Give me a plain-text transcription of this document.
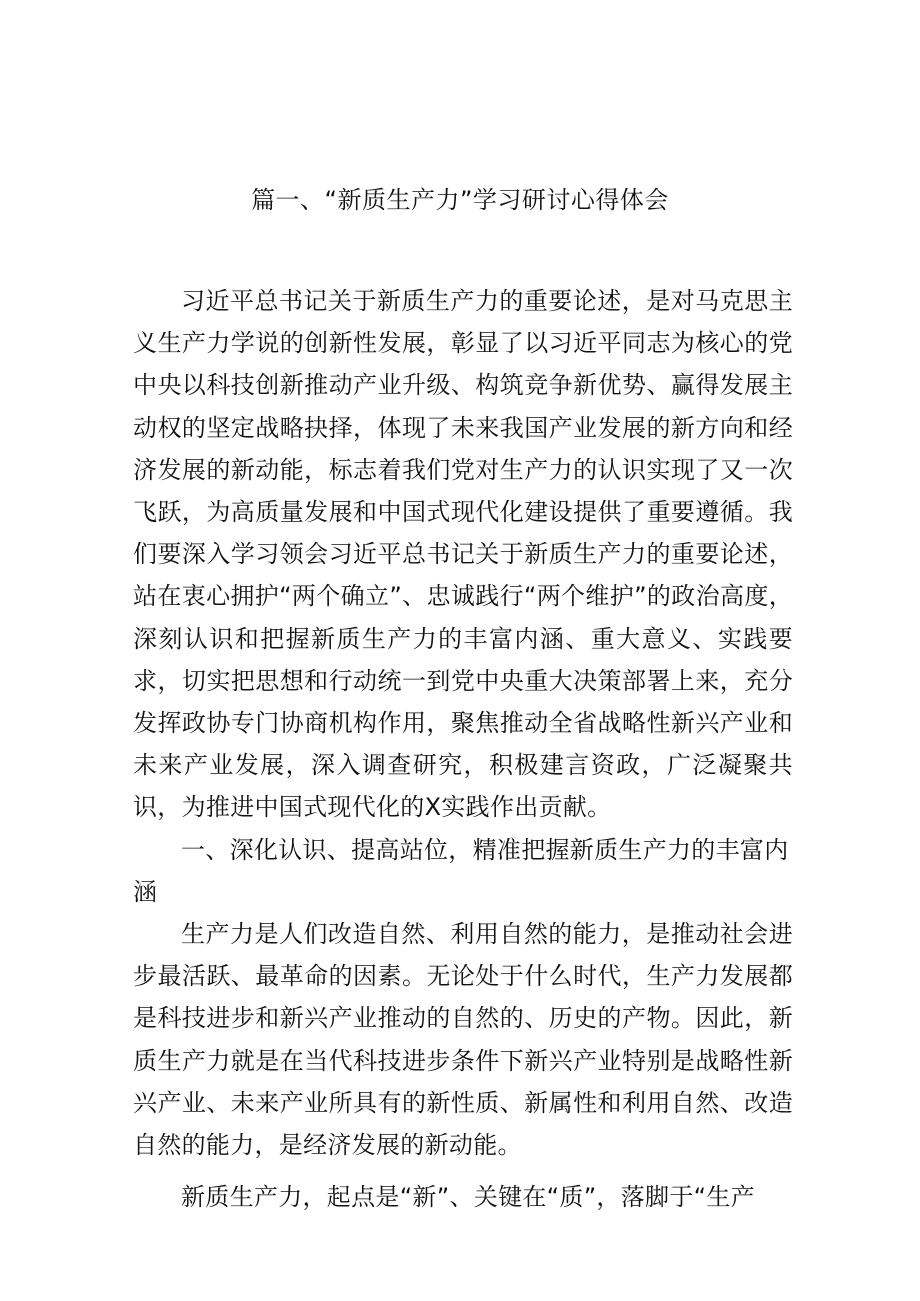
篇一、“新质生产力”学习研讨心得体会

习近平总书记关于新质生产力的重要论述，是对马克思主义生产力学说的创新性发展，彰显了以习近平同志为核心的党中央以科技创新推动产业升级、构筑竞争新优势、赢得发展主动权的坚定战略抉择，体现了未来我国产业发展的新方向和经济发展的新动能，标志着我们党对生产力的认识实现了又一次飞跃，为高质量发展和中国式现代化建设提供了重要遵循。我们要深入学习领会习近平总书记关于新质生产力的重要论述，站在衷心拥护“两个确立”、忠诚践行“两个维护”的政治高度，深刻认识和把握新质生产力的丰富内涵、重大意义、实践要求，切实把思想和行动统一到党中央重大决策部署上来，充分发挥政协专门协商机构作用，聚焦推动全省战略性新兴产业和未来产业发展，深入调查研究，积极建言资政，广泛凝聚共识，为推进中国式现代化的X实践作出贡献。

一、深化认识、提高站位，精准把握新质生产力的丰富内涵

生产力是人们改造自然、利用自然的能力，是推动社会进步最活跃、最革命的因素。无论处于什么时代，生产力发展都是科技进步和新兴产业推动的自然的、历史的产物。因此，新质生产力就是在当代科技进步条件下新兴产业特别是战略性新兴产业、未来产业所具有的新性质、新属性和利用自然、改造自然的能力，是经济发展的新动能。

新质生产力，起点是“新”、关键在“质”，落脚于“生产
